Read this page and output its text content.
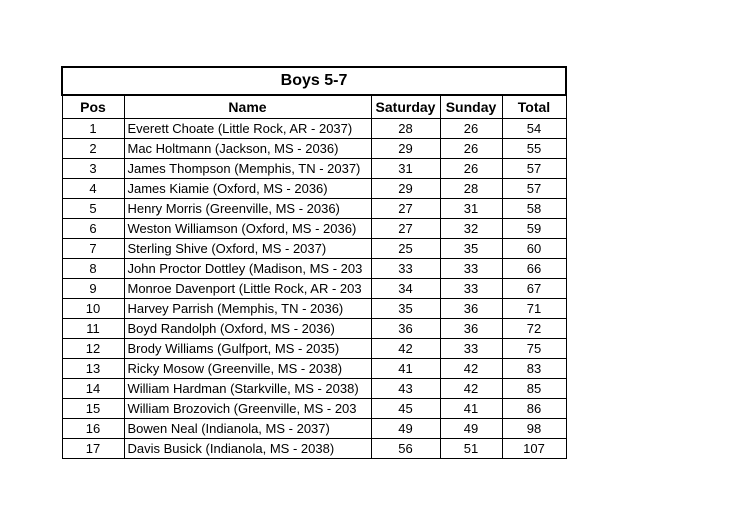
Boys 5-7				
Pos	Name	Saturday	Sunday	Total
1	Everett Choate (Little Rock, AR - 2037)	28	26	54
2	Mac Holtmann (Jackson, MS - 2036)	29	26	55
3	James Thompson (Memphis, TN - 2037)	31	26	57
4	James Kiamie (Oxford, MS - 2036)	29	28	57
5	Henry Morris (Greenville, MS - 2036)	27	31	58
6	Weston Williamson (Oxford, MS - 2036)	27	32	59
7	Sterling Shive (Oxford, MS - 2037)	25	35	60
8	John Proctor Dottley (Madison, MS - 203	33	33	66
9	Monroe Davenport (Little Rock, AR - 203	34	33	67
10	Harvey Parrish (Memphis, TN - 2036)	35	36	71
11	Boyd Randolph (Oxford, MS - 2036)	36	36	72
12	Brody Williams (Gulfport, MS - 2035)	42	33	75
13	Ricky Mosow (Greenville, MS - 2038)	41	42	83
14	William Hardman (Starkville, MS - 2038)	43	42	85
15	William Brozovich (Greenville, MS - 203	45	41	86
16	Bowen Neal (Indianola, MS - 2037)	49	49	98
17	Davis Busick (Indianola, MS - 2038)	56	51	107
